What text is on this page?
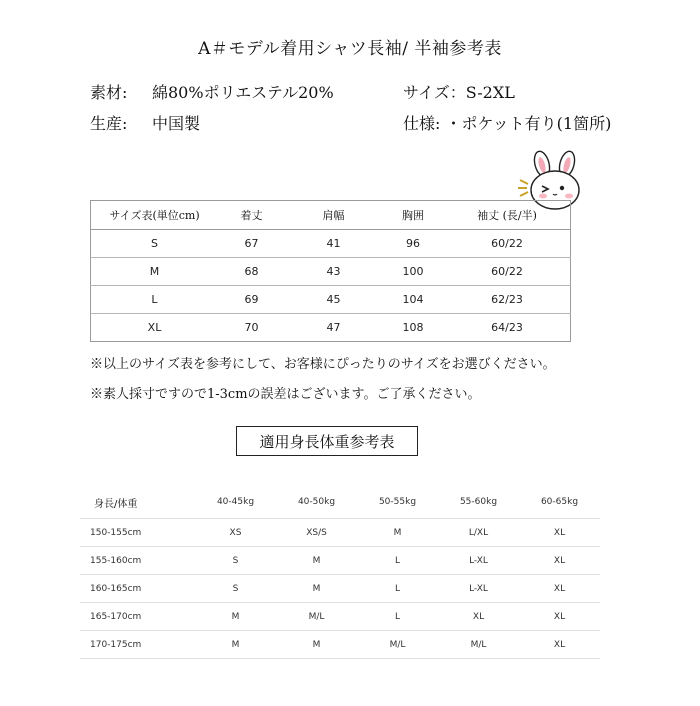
A＃モデル着用シャツ長袖/ 半袖参考表
素材: 綿80%ポリエステル20%	サイズ：S-2XL
生産: 中国製	仕様: ・ポケット有り(1箇所)
サイズ表(単位cm)	着丈	肩幅	胸囲	袖丈 (長/半)
S	67	41	96	60/22
M	68	43	100	60/22
L	69	45	104	62/23
XL	70	47	108	64/23
※以上のサイズ表を参考にして、お客様にぴったりのサイズをお選びください。
※素人採寸ですので1-3cmの誤差はございます。ご了承ください。
適用身長体重参考表
身長/体重	40-45kg	40-50kg	50-55kg	55-60kg	60-65kg
150-155cm	XS	XS/S	M	L/XL	XL
155-160cm	S	M	L	L-XL	XL
160-165cm	S	M	L	L-XL	XL
165-170cm	M	M/L	L	XL	XL
170-175cm	M	M	M/L	M/L	XL
